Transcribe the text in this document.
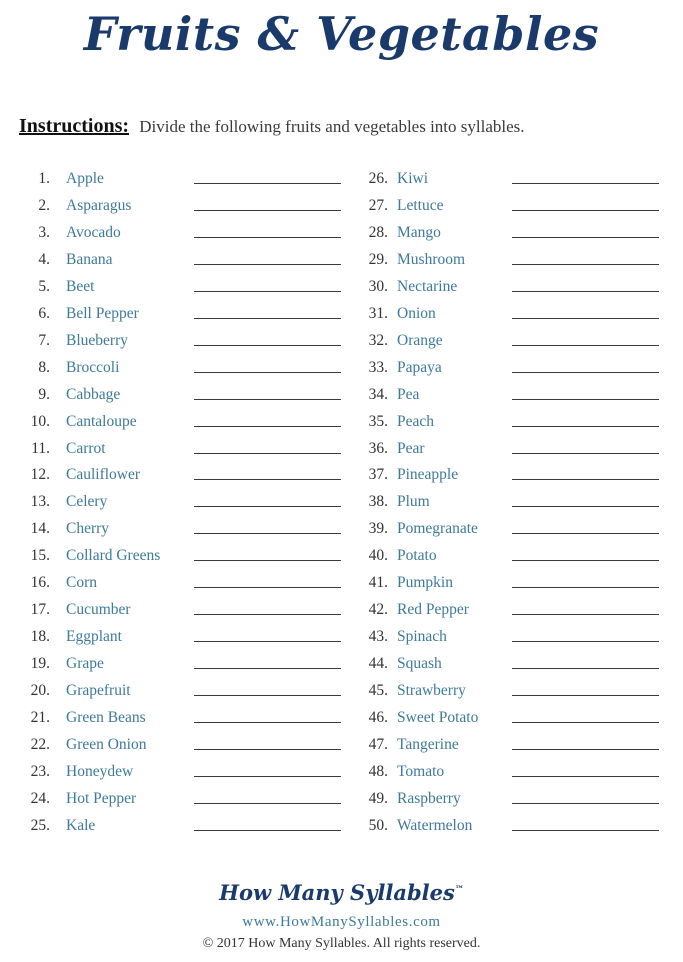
Fruits & Vegetables
Instructions: Divide the following fruits and vegetables into syllables.
1. Apple
2. Asparagus
3. Avocado
4. Banana
5. Beet
6. Bell Pepper
7. Blueberry
8. Broccoli
9. Cabbage
10. Cantaloupe
11. Carrot
12. Cauliflower
13. Celery
14. Cherry
15. Collard Greens
16. Corn
17. Cucumber
18. Eggplant
19. Grape
20. Grapefruit
21. Green Beans
22. Green Onion
23. Honeydew
24. Hot Pepper
25. Kale
26. Kiwi
27. Lettuce
28. Mango
29. Mushroom
30. Nectarine
31. Onion
32. Orange
33. Papaya
34. Pea
35. Peach
36. Pear
37. Pineapple
38. Plum
39. Pomegranate
40. Potato
41. Pumpkin
42. Red Pepper
43. Spinach
44. Squash
45. Strawberry
46. Sweet Potato
47. Tangerine
48. Tomato
49. Raspberry
50. Watermelon
How Many Syllables™
www.HowManySyllables.com
© 2017 How Many Syllables. All rights reserved.
